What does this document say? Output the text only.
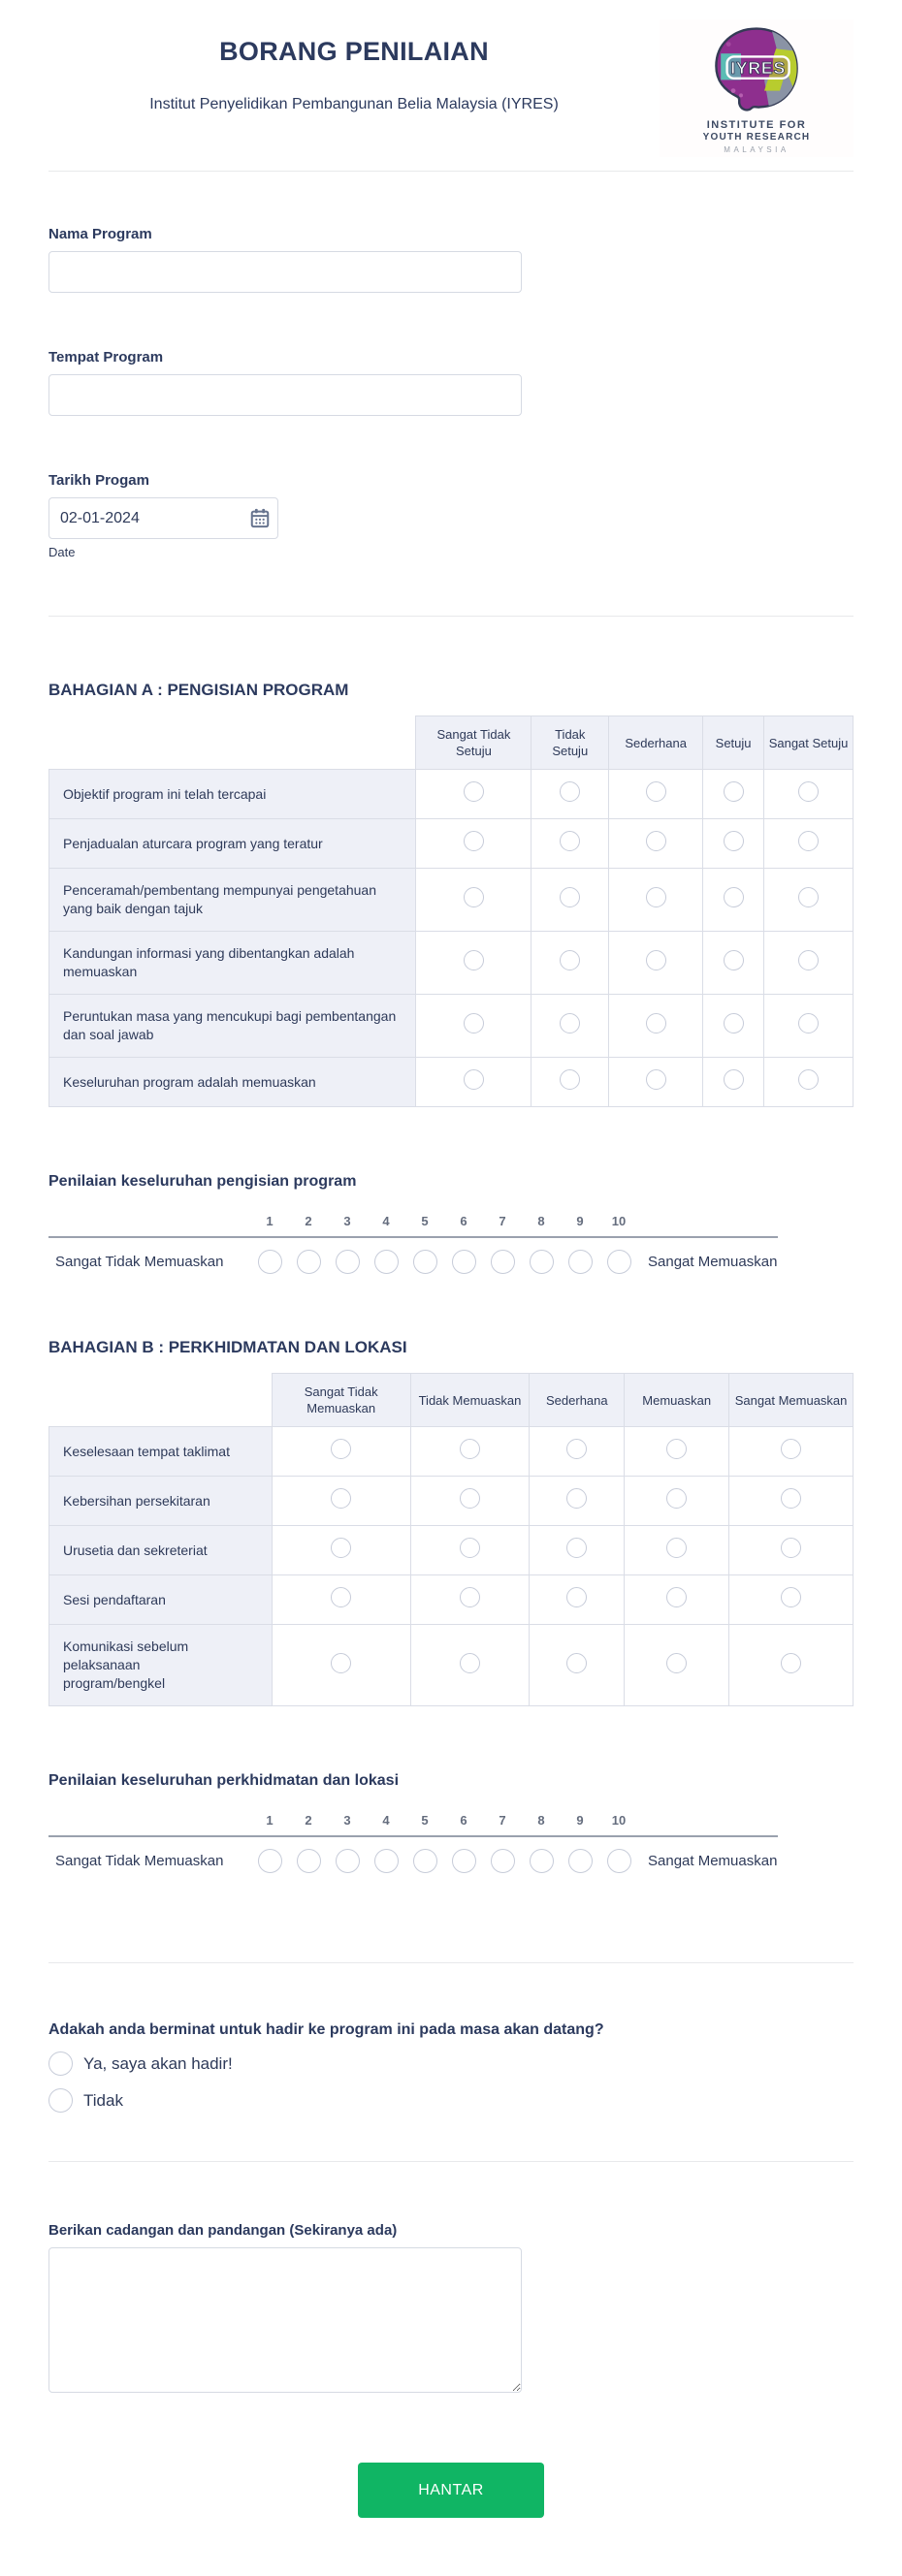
BORANG PENILAIAN
Institut Penyelidikan Pembangunan Belia Malaysia (IYRES)
IYRES
INSTITUTE FOR
YOUTH RESEARCH
MALAYSIA
Nama Program
Tempat Program
Tarikh Progam
02-01-2024
Date
BAHAGIAN A : PENGISIAN PROGRAM
	Sangat Tidak Setuju	Tidak Setuju	Sederhana	Setuju	Sangat Setuju
Objektif program ini telah tercapai					
Penjadualan aturcara program yang teratur					
Penceramah/pembentang mempunyai pengetahuan yang baik dengan tajuk					
Kandungan informasi yang dibentangkan adalah memuaskan					
Peruntukan masa yang mencukupi bagi pembentangan dan soal jawab					
Keseluruhan program adalah memuaskan					
Penilaian keseluruhan pengisian program
1	2	3	4	5	6	7	8	9	10
Sangat Tidak Memuaskan	Sangat Memuaskan
BAHAGIAN B : PERKHIDMATAN DAN LOKASI
	Sangat Tidak Memuaskan	Tidak Memuaskan	Sederhana	Memuaskan	Sangat Memuaskan
Keselesaan tempat taklimat					
Kebersihan persekitaran					
Urusetia dan sekreteriat					
Sesi pendaftaran					
Komunikasi sebelum pelaksanaan program/bengkel					
Penilaian keseluruhan perkhidmatan dan lokasi
1	2	3	4	5	6	7	8	9	10
Sangat Tidak Memuaskan	Sangat Memuaskan
Adakah anda berminat untuk hadir ke program ini pada masa akan datang?
Ya, saya akan hadir!
Tidak
Berikan cadangan dan pandangan (Sekiranya ada)
HANTAR
